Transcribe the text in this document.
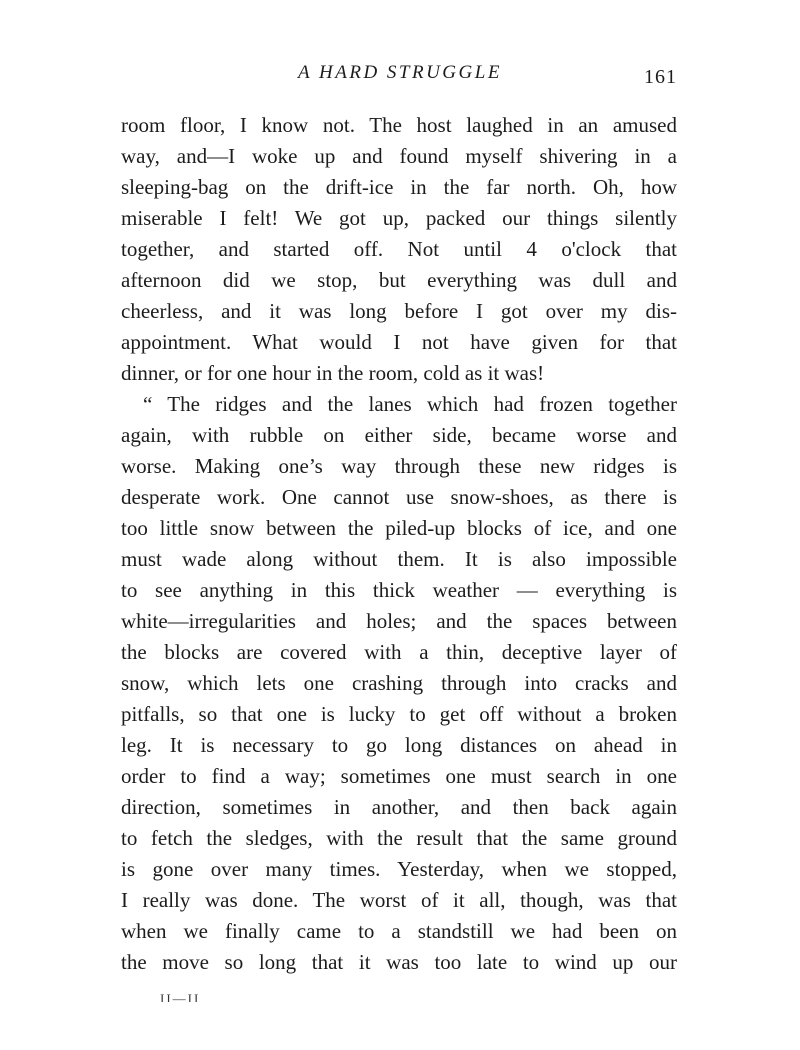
A HARD STRUGGLE	161
room floor, I know not. The host laughed in an amused
way, and—I woke up and found myself shivering in a
sleeping-bag on the drift-ice in the far north. Oh, how
miserable I felt! We got up, packed our things silently
together, and started off. Not until 4 o'clock that
afternoon did we stop, but everything was dull and
cheerless, and it was long before I got over my dis-
appointment. What would I not have given for that
dinner, or for one hour in the room, cold as it was!
“ The ridges and the lanes which had frozen together
again, with rubble on either side, became worse and
worse. Making one’s way through these new ridges is
desperate work. One cannot use snow-shoes, as there is
too little snow between the piled-up blocks of ice, and one
must wade along without them. It is also impossible
to see anything in this thick weather — everything is
white—irregularities and holes; and the spaces between
the blocks are covered with a thin, deceptive layer of
snow, which lets one crashing through into cracks and
pitfalls, so that one is lucky to get off without a broken
leg. It is necessary to go long distances on ahead in
order to find a way; sometimes one must search in one
direction, sometimes in another, and then back again
to fetch the sledges, with the result that the same ground
is gone over many times. Yesterday, when we stopped,
I really was done. The worst of it all, though, was that
when we finally came to a standstill we had been on
the move so long that it was too late to wind up our
II—II
